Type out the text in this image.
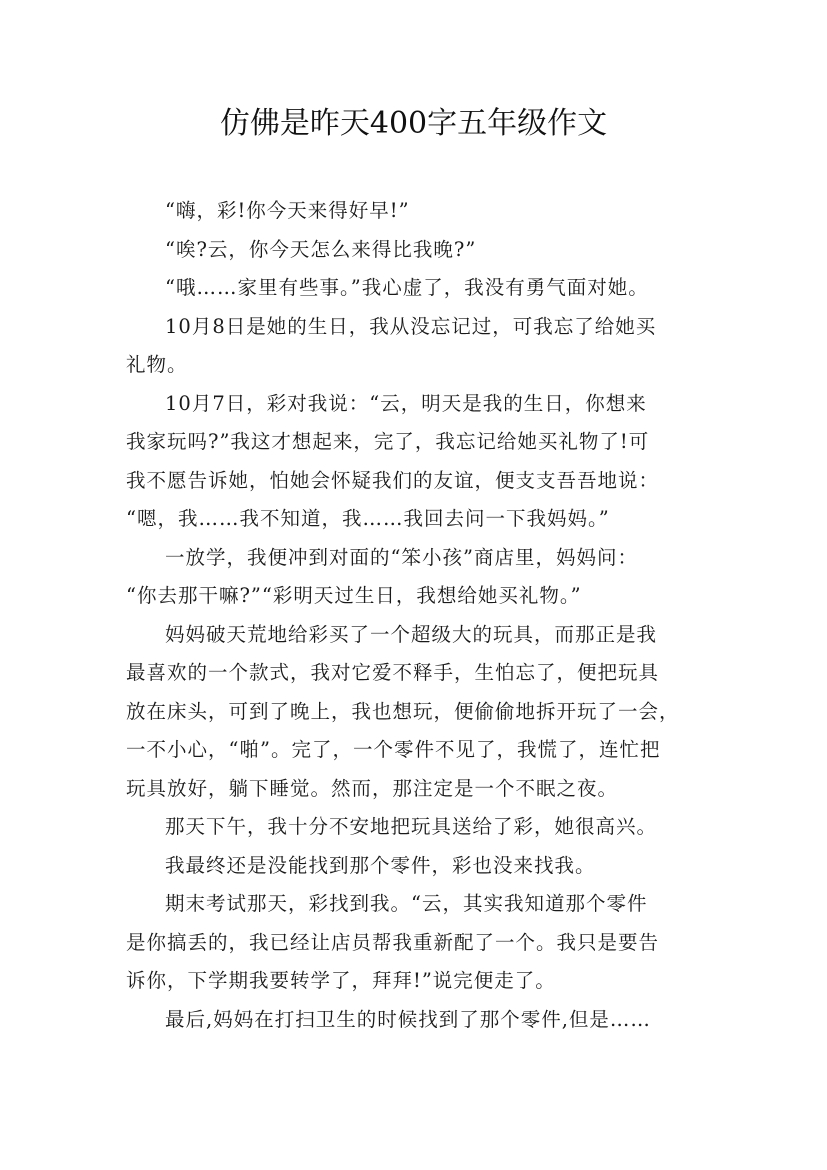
仿佛是昨天400字五年级作文

“嗨，彩!你今天来得好早!”

“唉?云，你今天怎么来得比我晚?”

“哦……家里有些事。”我心虚了，我没有勇气面对她。

10月8日是她的生日，我从没忘记过，可我忘了给她买
礼物。

10月7日，彩对我说：“云，明天是我的生日，你想来
我家玩吗?”我这才想起来，完了，我忘记给她买礼物了!可
我不愿告诉她，怕她会怀疑我们的友谊，便支支吾吾地说：
“嗯，我……我不知道，我……我回去问一下我妈妈。”

一放学，我便冲到对面的“笨小孩”商店里，妈妈问：
“你去那干嘛?”“彩明天过生日，我想给她买礼物。”

妈妈破天荒地给彩买了一个超级大的玩具，而那正是我
最喜欢的一个款式，我对它爱不释手，生怕忘了，便把玩具
放在床头，可到了晚上，我也想玩，便偷偷地拆开玩了一会，
一不小心，“啪”。完了，一个零件不见了，我慌了，连忙把
玩具放好，躺下睡觉。然而，那注定是一个不眠之夜。

那天下午，我十分不安地把玩具送给了彩，她很高兴。

我最终还是没能找到那个零件，彩也没来找我。

期末考试那天，彩找到我。“云，其实我知道那个零件
是你搞丢的，我已经让店员帮我重新配了一个。我只是要告
诉你，下学期我要转学了，拜拜!”说完便走了。

最后,妈妈在打扫卫生的时候找到了那个零件,但是……
